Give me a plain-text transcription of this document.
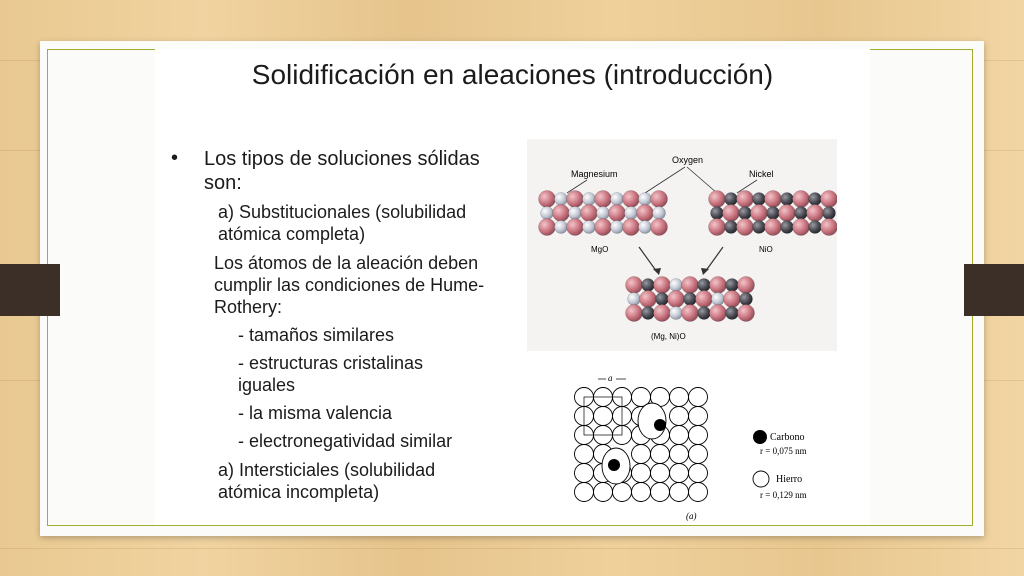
Solidificación en aleaciones (introducción)
• Los tipos de soluciones sólidas son:
a) Substitucionales (solubilidad atómica completa)
Los átomos de la aleación deben cumplir las condiciones de Hume-Rothery:
- tamaños similares
- estructuras cristalinas iguales
- la misma valencia
- electronegatividad similar
a) Intersticiales (solubilidad atómica incompleta)
Oxygen
Magnesium	Nickel
MgO	NiO
(Mg, Ni)O
a
Carbono
r = 0,075 nm
Hierro
r = 0,129 nm
(a)
